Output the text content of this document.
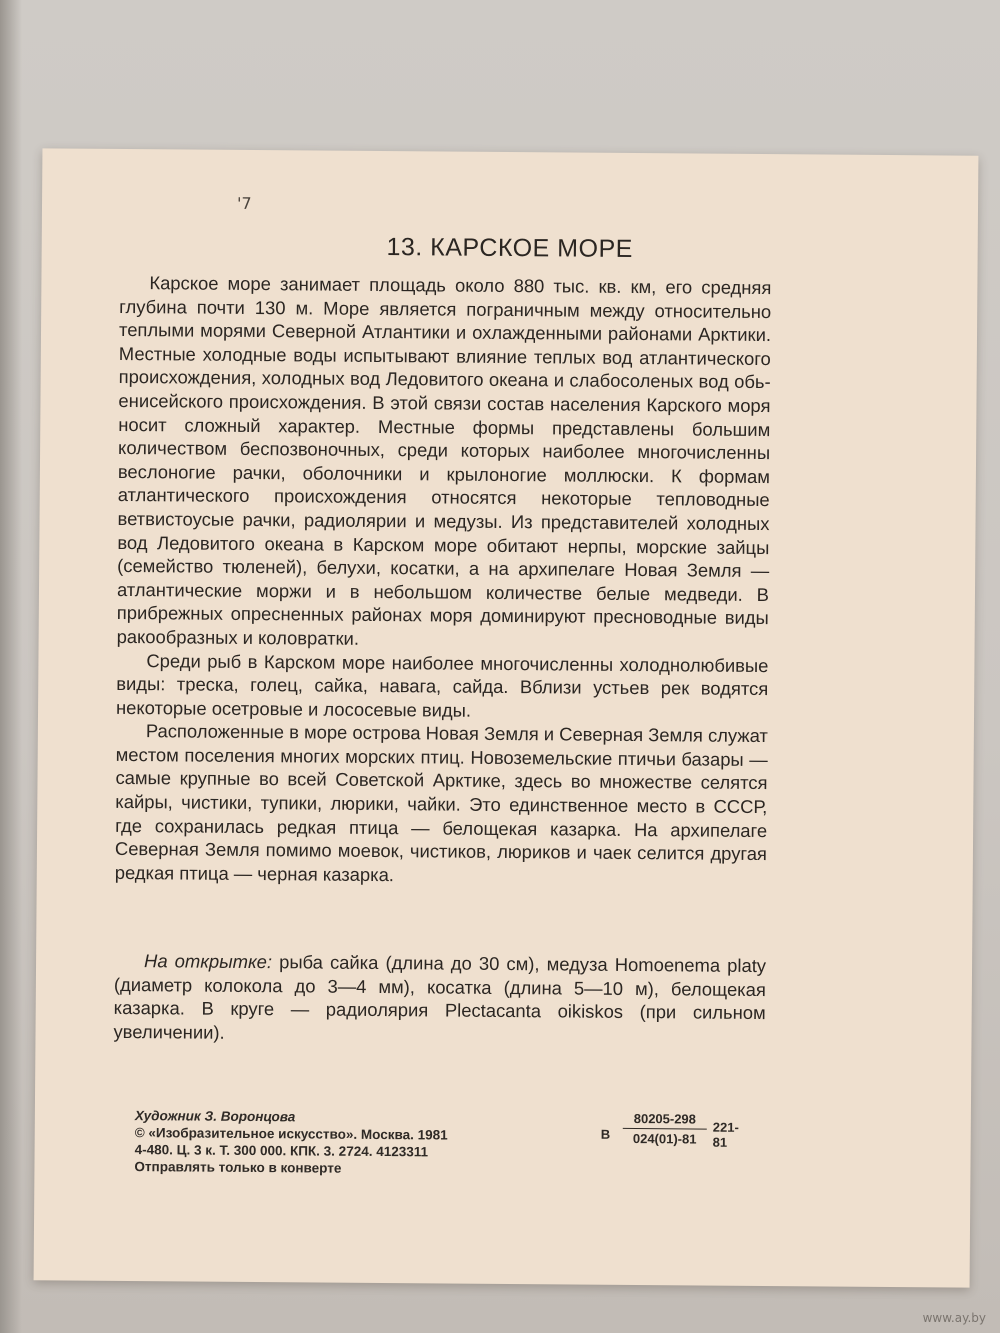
'7
13. КАРСКОЕ МОРЕ

Карское море занимает площадь около 880 тыс. кв. км, его средняя глубина почти 130 м. Море является пограничным между относительно теплыми морями Северной Атлантики и охлажденными районами Арктики. Местные холодные воды испытывают влияние теплых вод атлантического происхождения, холодных вод Ледовитого океана и слабосоленых вод обь-енисейского происхождения. В этой связи состав населения Карского моря носит сложный характер. Местные формы представлены большим количеством беспозвоночных, среди которых наиболее многочисленны веслоногие рачки, оболочники и крылоногие моллюски. К формам атлантического происхождения относятся некоторые тепловодные ветвистоусые рачки, радиолярии и медузы. Из представителей холодных вод Ледовитого океана в Карском море обитают нерпы, морские зайцы (семейство тюленей), белухи, косатки, а на архипелаге Новая Земля — атлантические моржи и в небольшом количестве белые медведи. В прибрежных опресненных районах моря доминируют пресноводные виды ракообразных и коловратки.

Среди рыб в Карском море наиболее многочисленны холоднолюбивые виды: треска, голец, сайка, навага, сайда. Вблизи устьев рек водятся некоторые осетровые и лососевые виды.

Расположенные в море острова Новая Земля и Северная Земля служат местом поселения многих морских птиц. Новоземельские птичьи базары — самые крупные во всей Советской Арктике, здесь во множестве селятся кайры, чистики, тупики, люрики, чайки. Это единственное место в СССР, где сохранилась редкая птица — белощекая казарка. На архипелаге Северная Земля помимо моевок, чистиков, люриков и чаек селится другая редкая птица — черная казарка.

На открытке: рыба сайка (длина до 30 см), медуза Homoenema platy (диаметр колокола до 3—4 мм), косатка (длина 5—10 м), белощекая казарка. В круге — радиолярия Plectacanta oikiskos (при сильном увеличении).
Художник З. Воронцова
© «Изобразительное искусство». Москва. 1981
4-480. Ц. 3 к. Т. 300 000. КПК. 3. 2724. 4123311
Отправлять только в конверте
В $\frac{80205-298}{024(01)-81} 221-81$
www.ay.by
